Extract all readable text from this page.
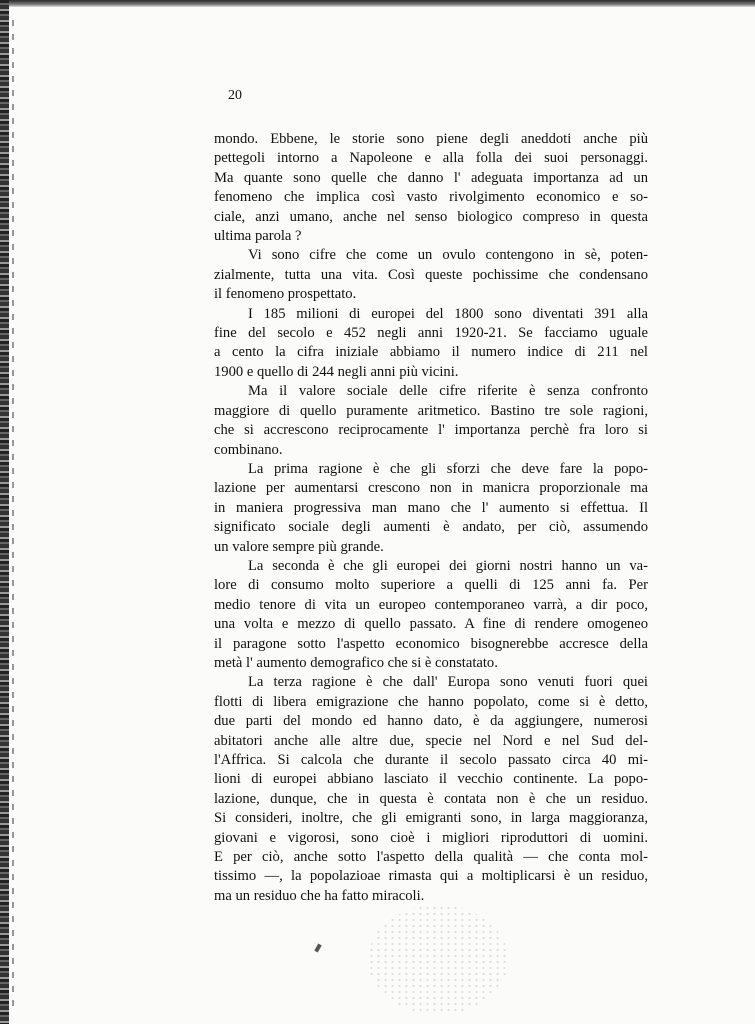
20
mondo. Ebbene, le storie sono piene degli aneddoti anche più
pettegoli intorno a Napoleone e alla folla dei suoi personaggi.
Ma quante sono quelle che danno l' adeguata importanza ad un
fenomeno che implica così vasto rivolgimento economico e so-
ciale, anzi umano, anche nel senso biologico compreso in questa
ultima parola ?
Vi sono cifre che come un ovulo contengono in sè, poten-
zialmente, tutta una vita. Così queste pochissime che condensano
il fenomeno prospettato.
I 185 milioni di europei del 1800 sono diventati 391 alla
fine del secolo e 452 negli anni 1920-21. Se facciamo uguale
a cento la cifra iniziale abbiamo il numero indice di 211 nel
1900 e quello di 244 negli anni più vicini.
Ma il valore sociale delle cifre riferite è senza confronto
maggiore di quello puramente aritmetico. Bastino tre sole ragioni,
che si accrescono reciprocamente l' importanza perchè fra loro si
combinano.
La prima ragione è che gli sforzi che deve fare la popo-
lazione per aumentarsi crescono non in manicra proporzionale ma
in maniera progressiva man mano che l' aumento si effettua. Il
significato sociale degli aumenti è andato, per ciò, assumendo
un valore sempre più grande.
La seconda è che gli europei dei giorni nostri hanno un va-
lore di consumo molto superiore a quelli di 125 anni fa. Per
medio tenore di vita un europeo contemporaneo varrà, a dir poco,
una volta e mezzo di quello passato. A fine di rendere omogeneo
il paragone sotto l'aspetto economico bisognerebbe accresce della
metà l' aumento demografico che si è constatato.
La terza ragione è che dall' Europa sono venuti fuori quei
flotti di libera emigrazione che hanno popolato, come si è detto,
due parti del mondo ed hanno dato, è da aggiungere, numerosi
abitatori anche alle altre due, specie nel Nord e nel Sud del-
l'Affrica. Si calcola che durante il secolo passato circa 40 mi-
lioni di europei abbiano lasciato il vecchio continente. La popo-
lazione, dunque, che in questa è contata non è che un residuo.
Si consideri, inoltre, che gli emigranti sono, in larga maggioranza,
giovani e vigorosi, sono cioè i migliori riproduttori di uomini.
E per ciò, anche sotto l'aspetto della qualità — che conta mol-
tissimo —, la popolazioae rimasta qui a moltiplicarsi è un residuo,
ma un residuo che ha fatto miracoli.
